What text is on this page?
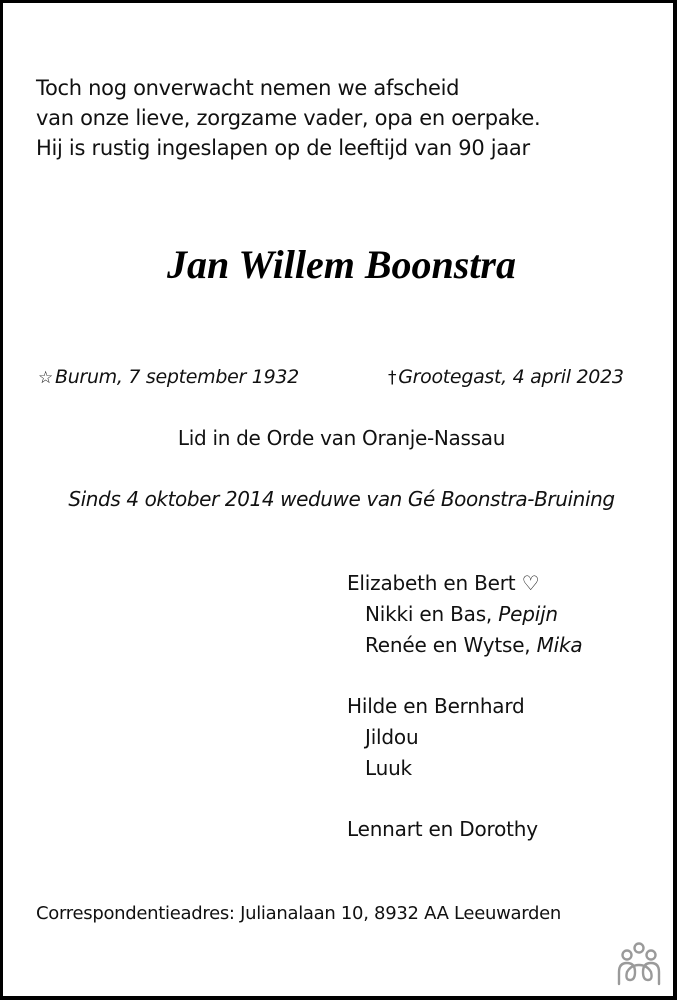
Toch nog onverwacht nemen we afscheid
van onze lieve, zorgzame vader, opa en oerpake.
Hij is rustig ingeslapen op de leeftijd van 90 jaar
Jan Willem Boonstra
☆ Burum, 7 september 1932	† Grootegast, 4 april 2023
Lid in de Orde van Oranje-Nassau
Sinds 4 oktober 2014 weduwe van Gé Boonstra-Bruining
Elizabeth en Bert ♡
Nikki en Bas, Pepijn
Renée en Wytse, Mika
Hilde en Bernhard
Jildou
Luuk
Lennart en Dorothy
Correspondentieadres: Julianalaan 10, 8932 AA Leeuwarden
